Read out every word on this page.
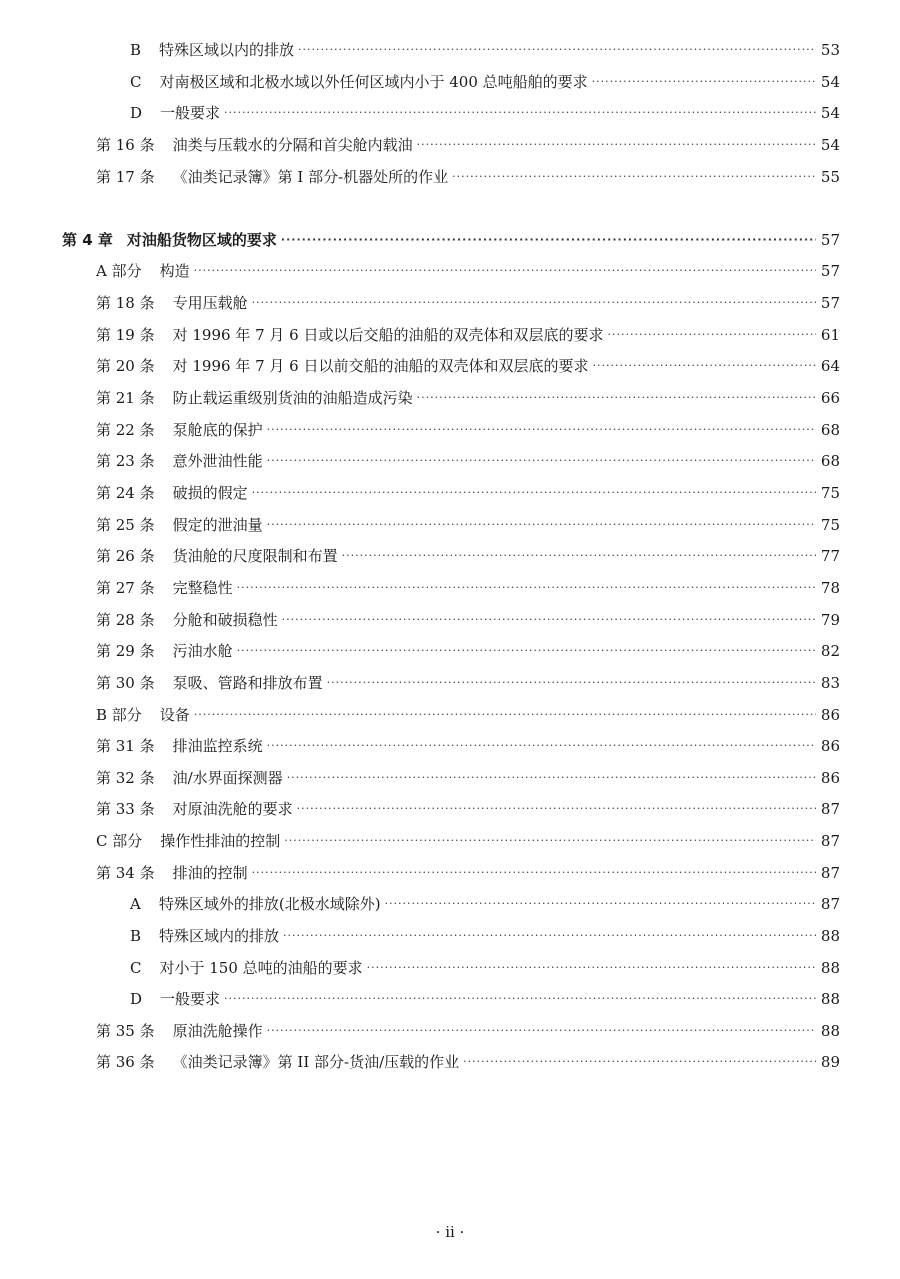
B 特殊区域以内的排放 ·····	53
C 对南极区域和北极水域以外任何区域内小于 400 总吨船舶的要求 ·····	54
D 一般要求 ·····	54
第 16 条 油类与压载水的分隔和首尖舱内载油 ·····	54
第 17 条 《油类记录簿》第 I 部分-机器处所的作业 ·····	55
第 4 章 对油船货物区域的要求 ·····	57
A 部分 构造 ·····	57
第 18 条 专用压载舱 ·····	57
第 19 条 对 1996 年 7 月 6 日或以后交船的油船的双壳体和双层底的要求 ·····	61
第 20 条 对 1996 年 7 月 6 日以前交船的油船的双壳体和双层底的要求 ·····	64
第 21 条 防止载运重级别货油的油船造成污染 ·····	66
第 22 条 泵舱底的保护 ·····	68
第 23 条 意外泄油性能 ·····	68
第 24 条 破损的假定 ·····	75
第 25 条 假定的泄油量 ·····	75
第 26 条 货油舱的尺度限制和布置 ·····	77
第 27 条 完整稳性 ·····	78
第 28 条 分舱和破损稳性 ·····	79
第 29 条 污油水舱 ·····	82
第 30 条 泵吸、管路和排放布置 ·····	83
B 部分 设备 ·····	86
第 31 条 排油监控系统 ·····	86
第 32 条 油/水界面探测器 ·····	86
第 33 条 对原油洗舱的要求 ·····	87
C 部分 操作性排油的控制 ·····	87
第 34 条 排油的控制 ·····	87
A 特殊区域外的排放(北极水域除外) ·····	87
B 特殊区域内的排放 ·····	88
C 对小于 150 总吨的油船的要求 ·····	88
D 一般要求 ·····	88
第 35 条 原油洗舱操作 ·····	88
第 36 条 《油类记录簿》第 II 部分-货油/压载的作业 ·····	89
· ii ·
